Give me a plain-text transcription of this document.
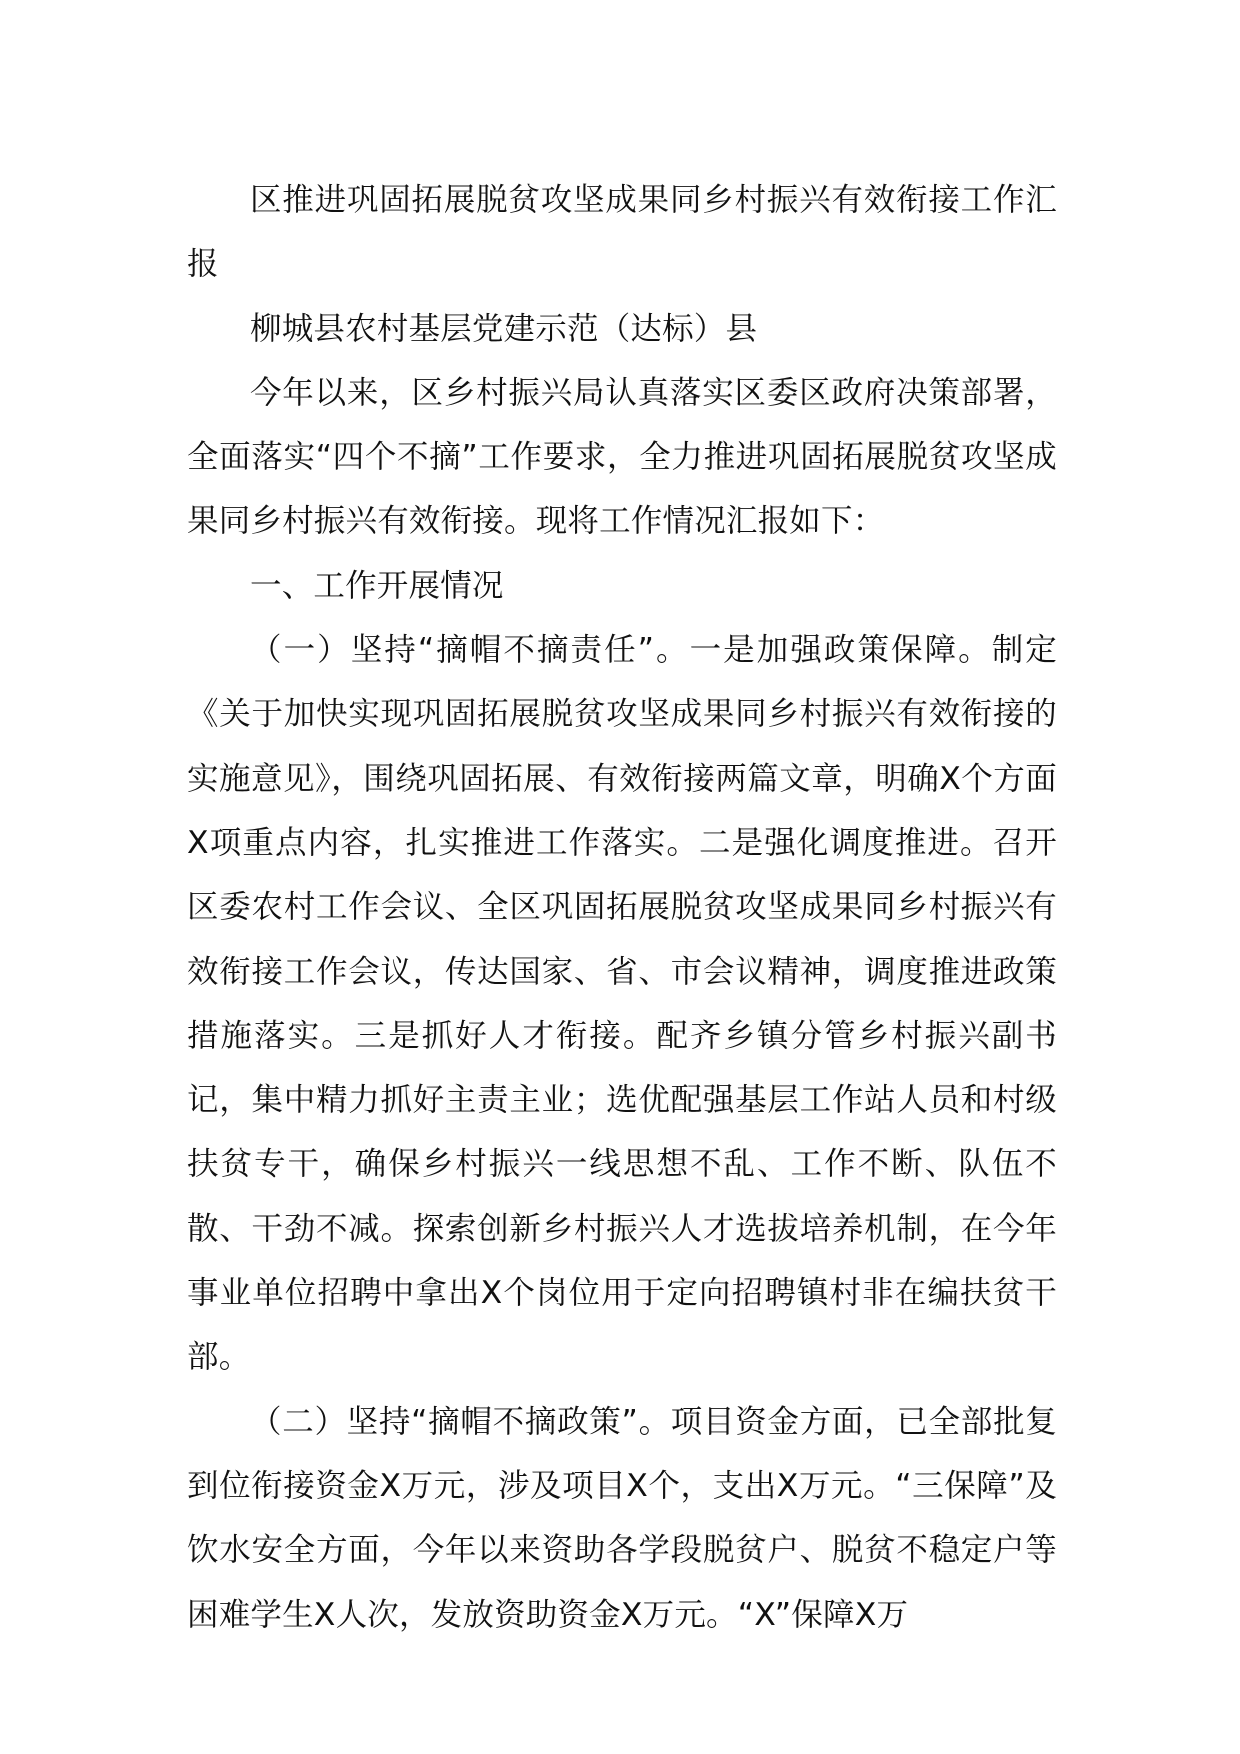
区推进巩固拓展脱贫攻坚成果同乡村振兴有效衔接工作汇报

柳城县农村基层党建示范（达标）县

今年以来，区乡村振兴局认真落实区委区政府决策部署，全面落实“四个不摘”工作要求，全力推进巩固拓展脱贫攻坚成果同乡村振兴有效衔接。现将工作情况汇报如下：

一、工作开展情况

（一）坚持“摘帽不摘责任”。一是加强政策保障。制定《关于加快实现巩固拓展脱贫攻坚成果同乡村振兴有效衔接的实施意见》，围绕巩固拓展、有效衔接两篇文章，明确X个方面X项重点内容，扎实推进工作落实。二是强化调度推进。召开区委农村工作会议、全区巩固拓展脱贫攻坚成果同乡村振兴有效衔接工作会议，传达国家、省、市会议精神，调度推进政策措施落实。三是抓好人才衔接。配齐乡镇分管乡村振兴副书记，集中精力抓好主责主业；选优配强基层工作站人员和村级扶贫专干，确保乡村振兴一线思想不乱、工作不断、队伍不散、干劲不减。探索创新乡村振兴人才选拔培养机制，在今年事业单位招聘中拿出X个岗位用于定向招聘镇村非在编扶贫干部。

（二）坚持“摘帽不摘政策”。项目资金方面，已全部批复到位衔接资金X万元，涉及项目X个，支出X万元。“三保障”及饮水安全方面，今年以来资助各学段脱贫户、脱贫不稳定户等困难学生X人次，发放资助资金X万元。“X”保障X万
